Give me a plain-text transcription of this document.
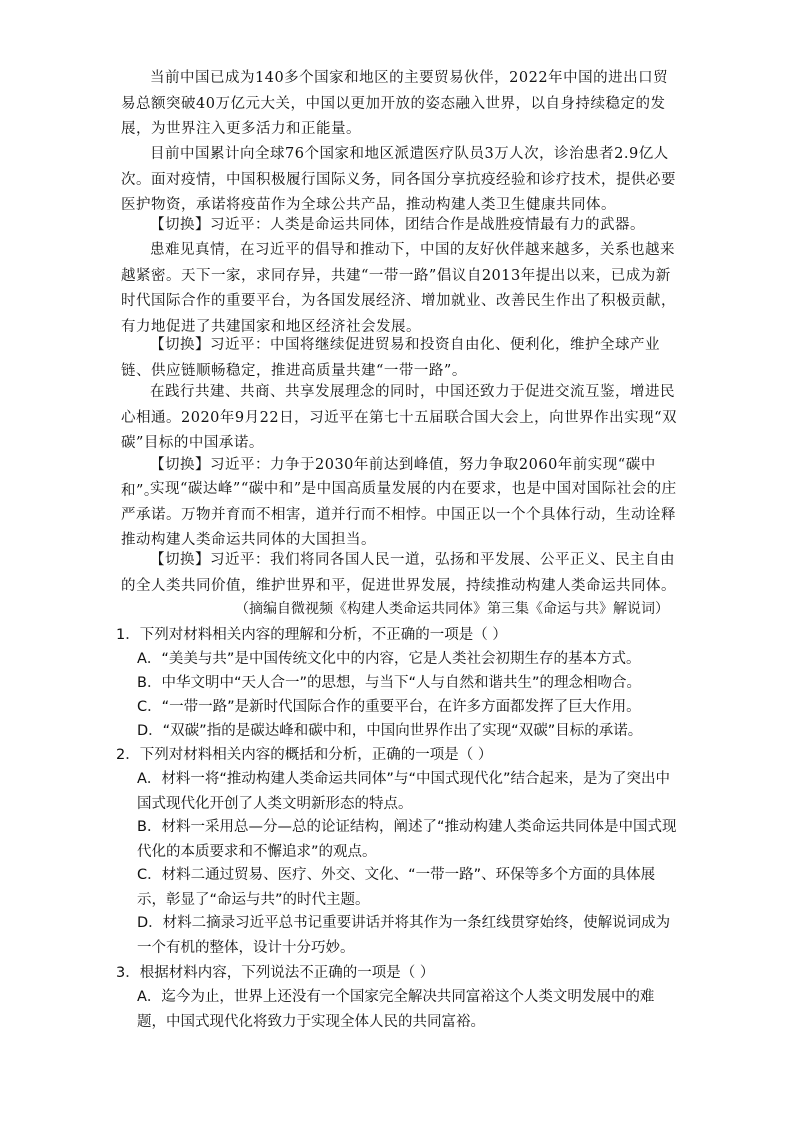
当前中国已成为140多个国家和地区的主要贸易伙伴，2022年中国的进出口贸易总额突破40万亿元大关，中国以更加开放的姿态融入世界，以自身持续稳定的发展，为世界注入更多活力和正能量。

目前中国累计向全球76个国家和地区派遣医疗队员3万人次，诊治患者2.9亿人次。面对疫情，中国积极履行国际义务，同各国分享抗疫经验和诊疗技术，提供必要医护物资，承诺将疫苗作为全球公共产品，推动构建人类卫生健康共同体。

【切换】习近平：人类是命运共同体，团结合作是战胜疫情最有力的武器。

患难见真情，在习近平的倡导和推动下，中国的友好伙伴越来越多，关系也越来越紧密。天下一家，求同存异，共建“一带一路”倡议自2013年提出以来，已成为新时代国际合作的重要平台，为各国发展经济、增加就业、改善民生作出了积极贡献，有力地促进了共建国家和地区经济社会发展。

【切换】习近平：中国将继续促进贸易和投资自由化、便利化，维护全球产业链、供应链顺畅稳定，推进高质量共建“一带一路”。

在践行共建、共商、共享发展理念的同时，中国还致力于促进交流互鉴，增进民心相通。2020年9月22日，习近平在第七十五届联合国大会上，向世界作出实现“双碳”目标的中国承诺。

【切换】习近平：力争于2030年前达到峰值，努力争取2060年前实现“碳中和”。

实现“碳达峰”“碳中和”是中国高质量发展的内在要求，也是中国对国际社会的庄严承诺。万物并育而不相害，道并行而不相悖。中国正以一个个具体行动，生动诠释推动构建人类命运共同体的大国担当。

【切换】习近平：我们将同各国人民一道，弘扬和平发展、公平正义、民主自由的全人类共同价值，维护世界和平，促进世界发展，持续推动构建人类命运共同体。

（摘编自微视频《构建人类命运共同体》第三集《命运与共》解说词）

1．下列对材料相关内容的理解和分析，不正确的一项是（ ）

A．“美美与共”是中国传统文化中的内容，它是人类社会初期生存的基本方式。

B．中华文明中“天人合一”的思想，与当下“人与自然和谐共生”的理念相吻合。

C．“一带一路”是新时代国际合作的重要平台，在许多方面都发挥了巨大作用。

D．“双碳”指的是碳达峰和碳中和，中国向世界作出了实现“双碳”目标的承诺。

2．下列对材料相关内容的概括和分析，正确的一项是（ ）

A．材料一将“推动构建人类命运共同体”与“中国式现代化”结合起来，是为了突出中国式现代化开创了人类文明新形态的特点。

B．材料一采用总—分—总的论证结构，阐述了“推动构建人类命运共同体是中国式现代化的本质要求和不懈追求”的观点。

C．材料二通过贸易、医疗、外交、文化、“一带一路”、环保等多个方面的具体展示，彰显了“命运与共”的时代主题。

D．材料二摘录习近平总书记重要讲话并将其作为一条红线贯穿始终，使解说词成为一个有机的整体，设计十分巧妙。

3．根据材料内容，下列说法不正确的一项是（ ）

A．迄今为止，世界上还没有一个国家完全解决共同富裕这个人类文明发展中的难题，中国式现代化将致力于实现全体人民的共同富裕。
